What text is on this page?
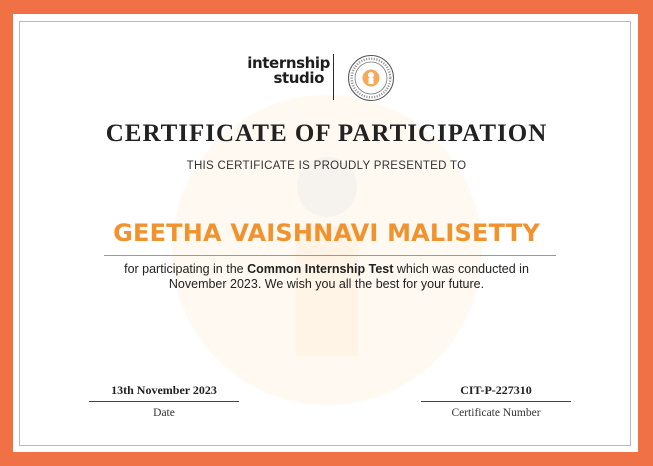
internship
studio
CERTIFICATE OF PARTICIPATION
THIS CERTIFICATE IS PROUDLY PRESENTED TO
GEETHA VAISHNAVI MALISETTY
for participating in the Common Internship Test which was conducted in November 2023. We wish you all the best for your future.
13th November 2023
Date
CIT-P-227310
Certificate Number
